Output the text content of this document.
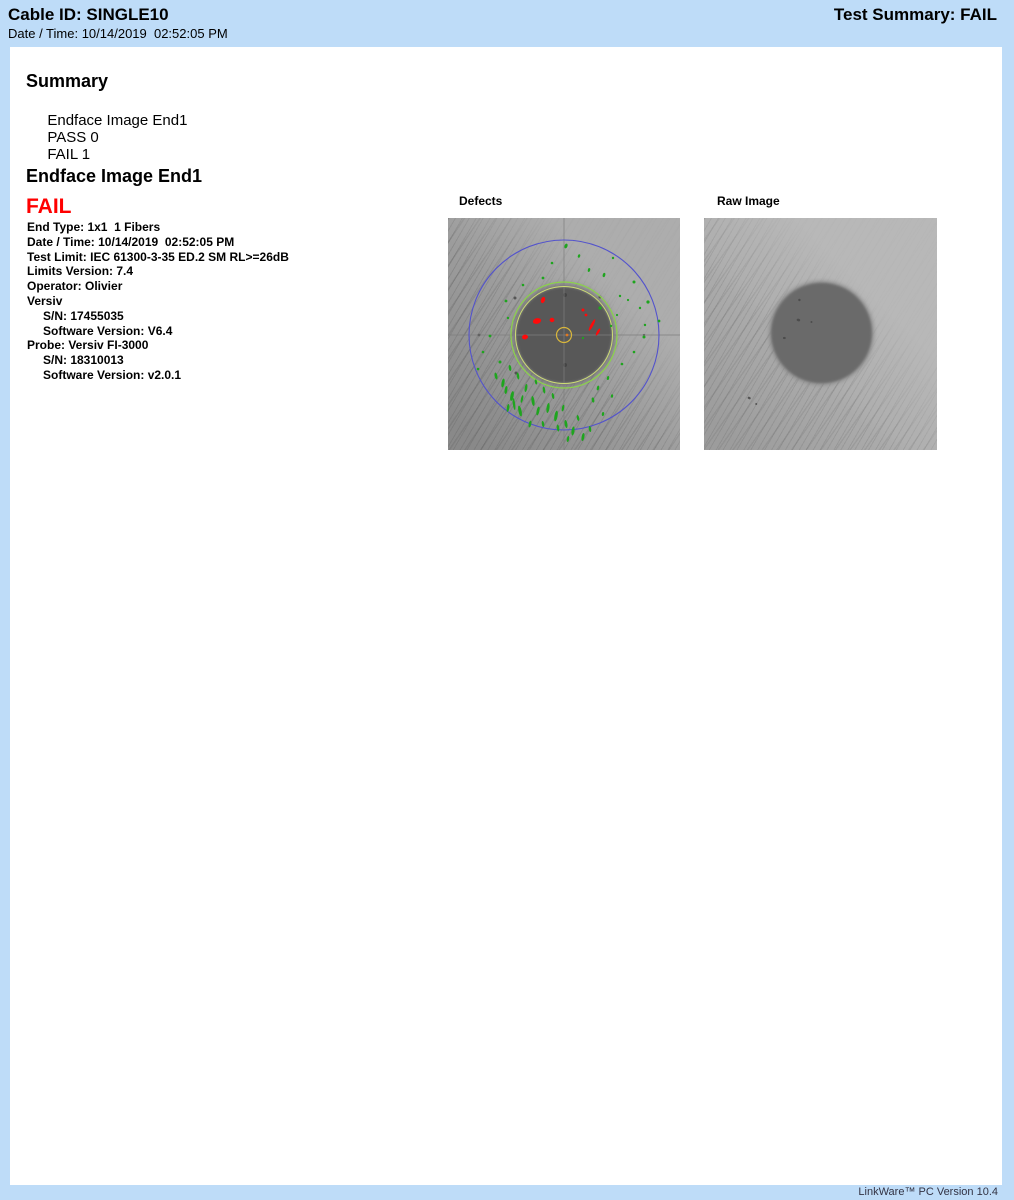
Cable ID: SINGLE10
Date / Time: 10/14/2019  02:52:05 PM
Test Summary: FAIL
Summary

Endface Image End1
PASS 0
FAIL 1

Endface Image End1
FAIL
End Type: 1x1  1 Fibers
Date / Time: 10/14/2019  02:52:05 PM
Test Limit: IEC 61300-3-35 ED.2 SM RL>=26dB
Limits Version: 7.4
Operator: Olivier
Versiv
S/N: 17455035
Software Version: V6.4
Probe: Versiv FI-3000
S/N: 18310013
Software Version: v2.0.1
Defects	Raw Image
LinkWare™ PC Version 10.4
